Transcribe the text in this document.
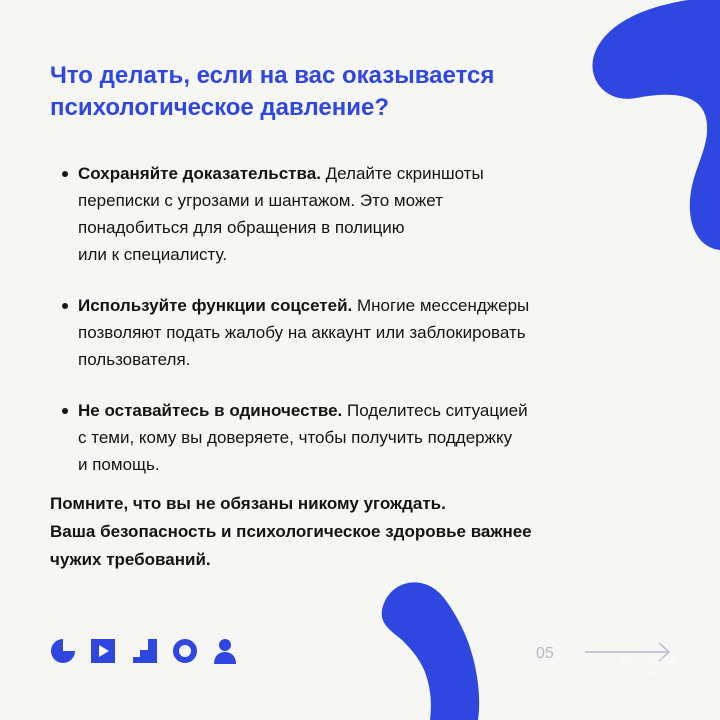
Что делать, если на вас оказывается
психологическое давление?
Сохраняйте доказательства. Делайте скриншоты
переписки с угрозами и шантажом. Это может
понадобиться для обращения в полицию
или к специалисту.
Используйте функции соцсетей. Многие мессенджеры
позволяют подать жалобу на аккаунт или заблокировать
пользователя.
Не оставайтесь в одиночестве. Поделитесь ситуацией
с теми, кому вы доверяете, чтобы получить поддержку
и помощь.

Помните, что вы не обязаны никому угождать.
Ваша безопасность и психологическое здоровье важнее
чужих требований.

05	Фото: freepik
edurusoft.ru
